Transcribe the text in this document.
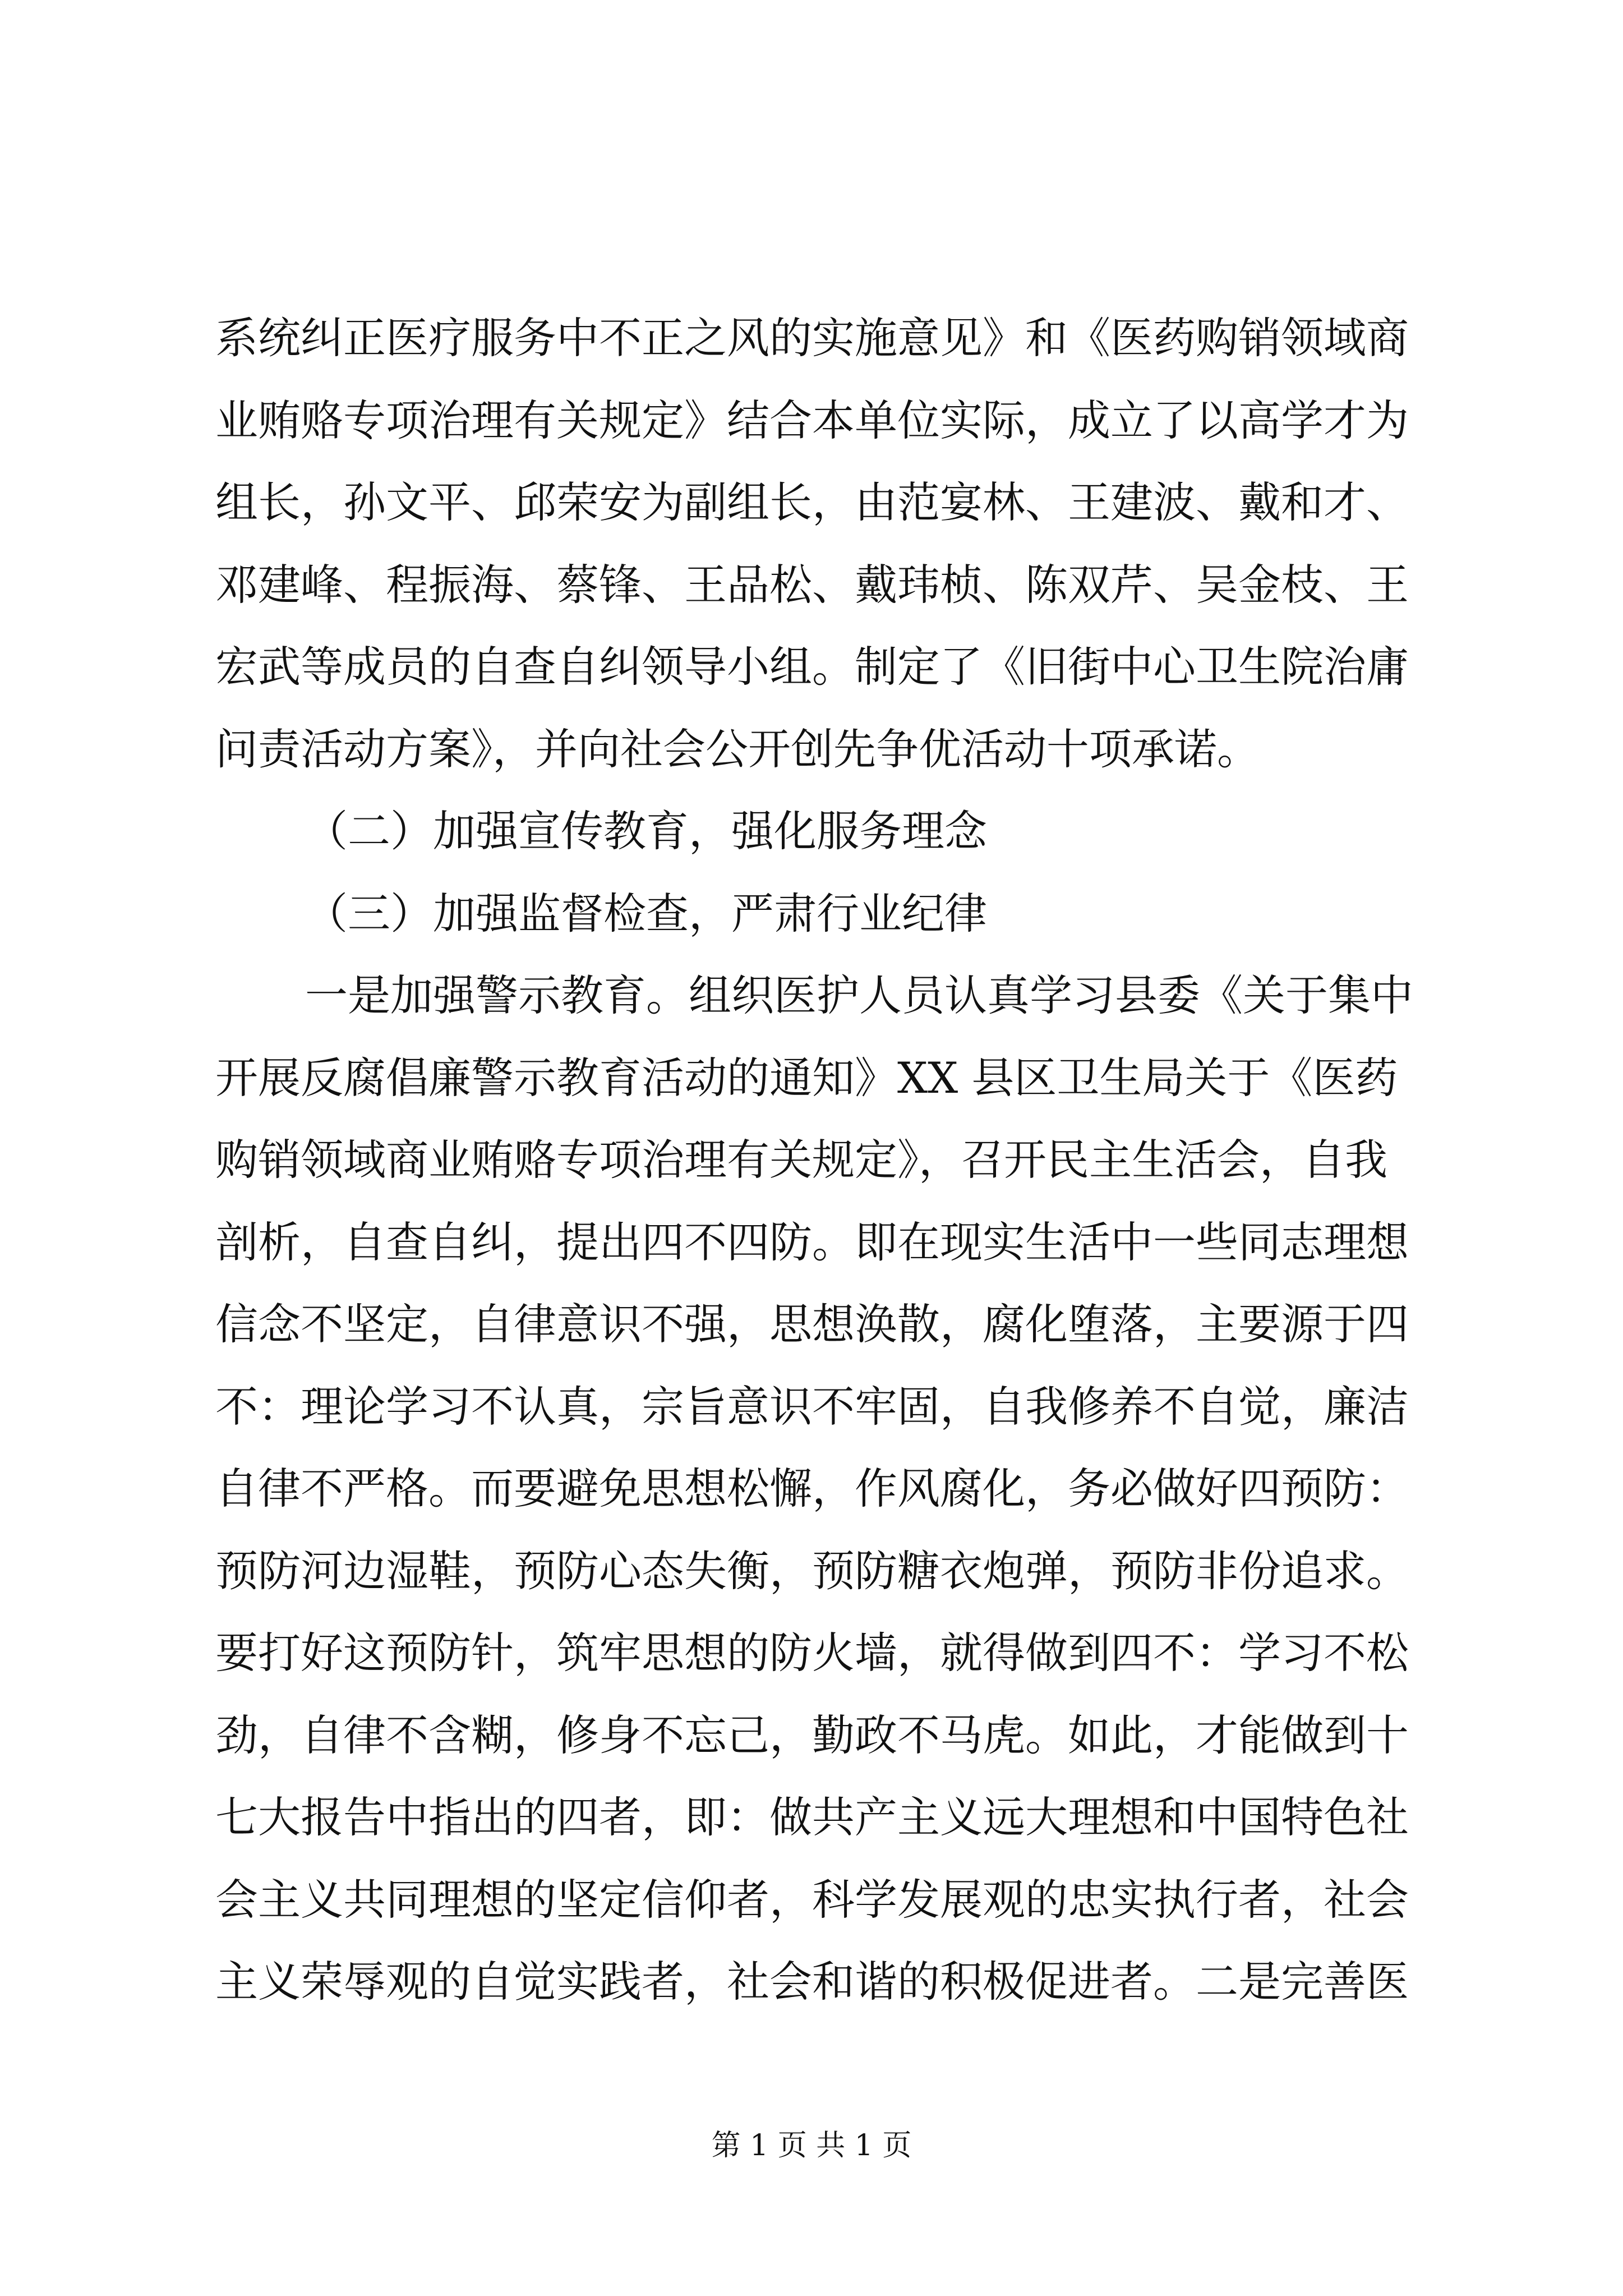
系统纠正医疗服务中不正之风的实施意见》和《医药购销领域商
业贿赂专项治理有关规定》结合本单位实际，成立了以高学才为
组长，孙文平、邱荣安为副组长，由范宴林、王建波、戴和才、
邓建峰、程振海、蔡锋、王品松、戴玮桢、陈双芹、吴金枝、王
宏武等成员的自查自纠领导小组。制定了《旧街中心卫生院治庸
问责活动方案》，并向社会公开创先争优活动十项承诺。
（二）加强宣传教育，强化服务理念
（三）加强监督检查，严肃行业纪律
一是加强警示教育。组织医护人员认真学习县委《关于集中
开展反腐倡廉警示教育活动的通知》XX 县区卫生局关于《医药
购销领域商业贿赂专项治理有关规定》，召开民主生活会，自我
剖析，自查自纠，提出四不四防。即在现实生活中一些同志理想
信念不坚定，自律意识不强，思想涣散，腐化堕落，主要源于四
不：理论学习不认真，宗旨意识不牢固，自我修养不自觉，廉洁
自律不严格。而要避免思想松懈，作风腐化，务必做好四预防：
预防河边湿鞋，预防心态失衡，预防糖衣炮弹，预防非份追求。
要打好这预防针，筑牢思想的防火墙，就得做到四不：学习不松
劲，自律不含糊，修身不忘己，勤政不马虎。如此，才能做到十
七大报告中指出的四者，即：做共产主义远大理想和中国特色社
会主义共同理想的坚定信仰者，科学发展观的忠实执行者，社会
主义荣辱观的自觉实践者，社会和谐的积极促进者。二是完善医
第 1 页 共 1 页
